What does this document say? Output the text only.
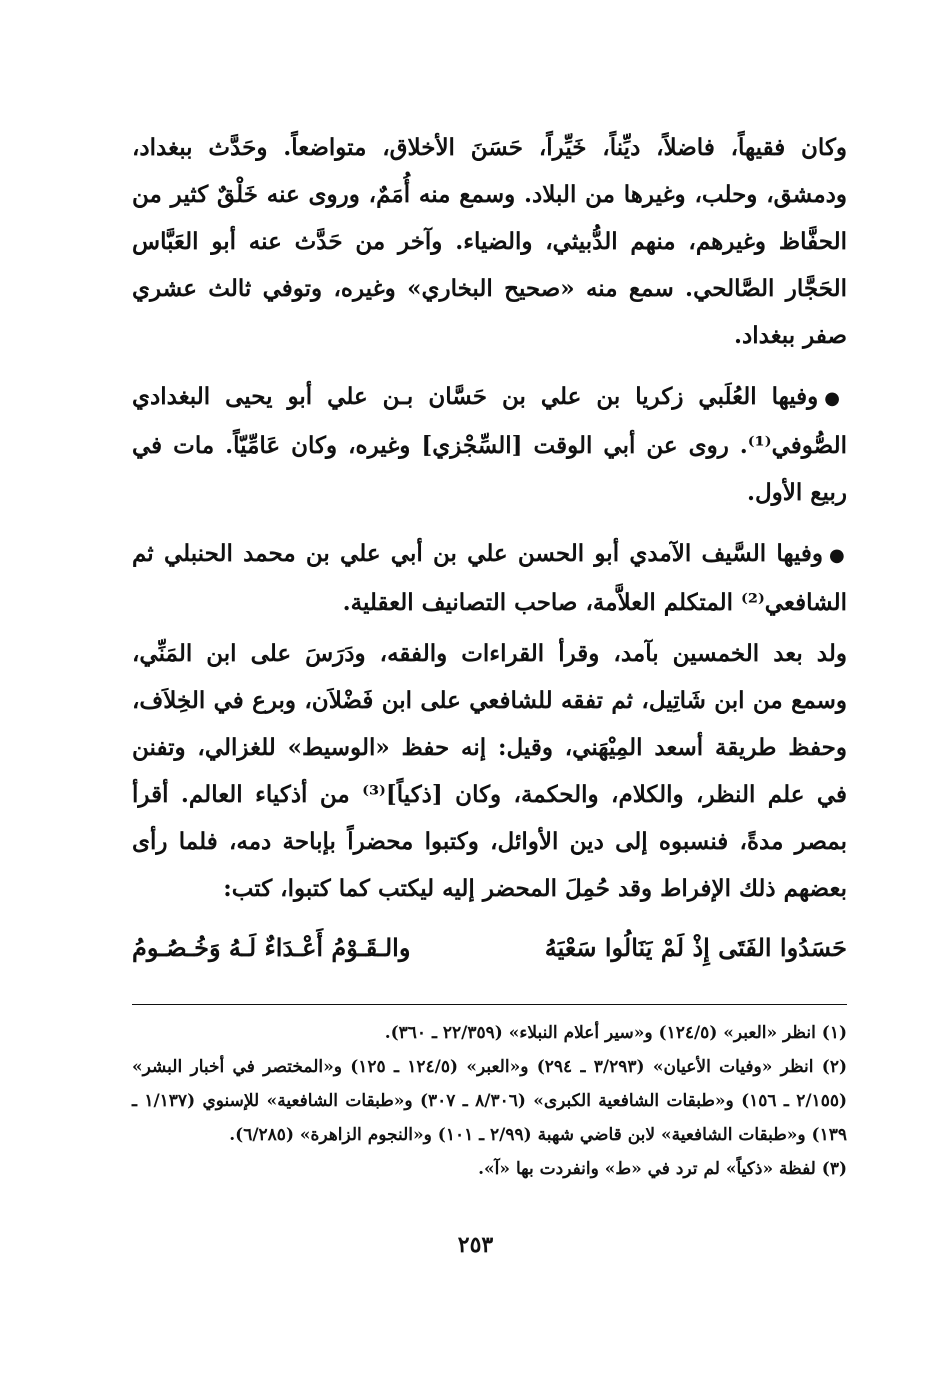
وكان فقيهاً، فاضلاً، ديِّناً، خَيِّراً، حَسَنَ الأخلاق، متواضعاً. وحَدَّث ببغداد، ودمشق، وحلب، وغيرها من البلاد. وسمع منه أُمَمٌ، وروى عنه خَلْقٌ كثير من الحفَّاظ وغيرهم، منهم الدُّبيثي، والضياء. وآخر من حَدَّث عنه أبو العَبَّاس الحَجَّار الصَّالحي. سمع منه «صحيح البخاري» وغيره، وتوفي ثالث عشري صفر ببغداد.

●وفيها العُلَبي زكريا بن علي بن حَسَّان بـن علي أبو يحيى البغدادي الصُّوفي⁽¹⁾. روى عن أبي الوقت [السِّجْزي] وغيره، وكان عَامِّيّاً. مات في ربيع الأول.

●وفيها السَّيف الآمدي أبو الحسن علي بن أبي علي بن محمد الحنبلي ثم الشافعي⁽²⁾ المتكلم العلاَّمة، صاحب التصانيف العقلية.

ولد بعد الخمسين بآمد، وقرأ القراءات والفقه، ودَرَسَ على ابن المَنِّي، وسمع من ابن شَاتِيل، ثم تفقه للشافعي على ابن فَضْلاَن، وبرع في الخِلاَف، وحفظ طريقة أسعد المِيْهَني، وقيل: إنه حفظ «الوسيط» للغزالي، وتفنن في علم النظر، والكلام، والحكمة، وكان [ذكياً]⁽³⁾ من أذكياء العالم. أقرأ بمصر مدةً، فنسبوه إلى دين الأوائل، وكتبوا محضراً بإباحة دمه، فلما رأى بعضهم ذلك الإفراط وقد حُمِلَ المحضر إليه ليكتب كما كتبوا، كتب:

حَسَدُوا الفَتَى إِذْ لَمْ يَنَالُوا سَعْيَهُ
والـقَـوْمُ أَعْـدَاءٌ لَـهُ وَخُـصُـومُ

(١) انظر «العبر» (١٢٤/٥) و«سير أعلام النبلاء» (٢٢/٣٥٩ ـ ٣٦٠).

(٢) انظر «وفيات الأعيان» (٣/٢٩٣ ـ ٢٩٤) و«العبر» (١٢٤/٥ ـ ١٢٥) و«المختصر في أخبار البشر» (٢/١٥٥ ـ ١٥٦) و«طبقات الشافعية الكبرى» (٨/٣٠٦ ـ ٣٠٧) و«طبقات الشافعية» للإسنوي (١/١٣٧ ـ ١٣٩) و«طبقات الشافعية» لابن قاضي شهبة (٢/٩٩ ـ ١٠١) و«النجوم الزاهرة» (٦/٢٨٥).

(٣) لفظة «ذكياً» لم ترد في «ط» وانفردت بها «آ».

٢٥٣
